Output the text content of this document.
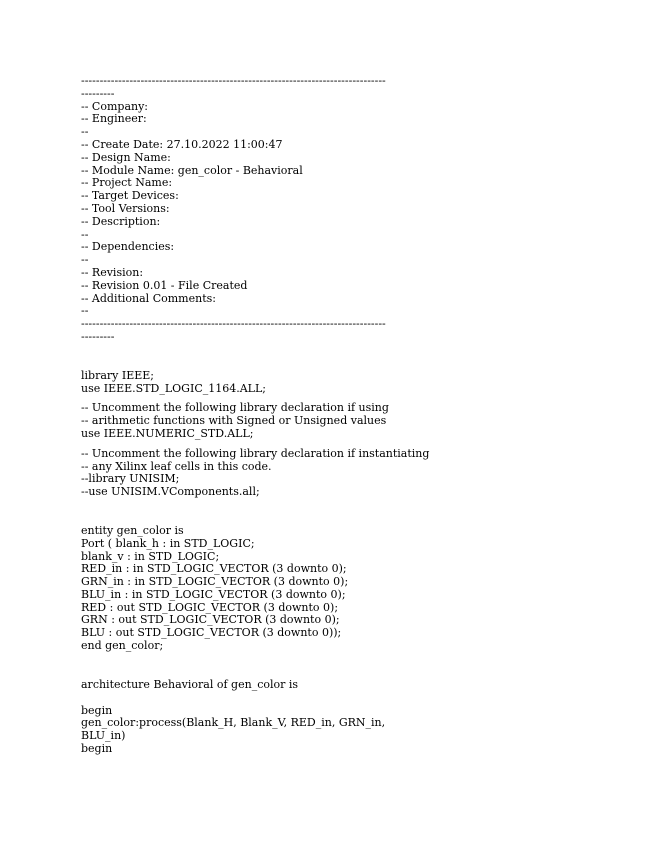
----------------------------------------------------------------------------------
---------
-- Company:
-- Engineer:
--
-- Create Date: 27.10.2022 11:00:47
-- Design Name:
-- Module Name: gen_color - Behavioral
-- Project Name:
-- Target Devices:
-- Tool Versions:
-- Description:
--
-- Dependencies:
--
-- Revision:
-- Revision 0.01 - File Created
-- Additional Comments:
--
----------------------------------------------------------------------------------
---------
library IEEE;
use IEEE.STD_LOGIC_1164.ALL;
-- Uncomment the following library declaration if using
-- arithmetic functions with Signed or Unsigned values
use IEEE.NUMERIC_STD.ALL;
-- Uncomment the following library declaration if instantiating
-- any Xilinx leaf cells in this code.
--library UNISIM;
--use UNISIM.VComponents.all;
entity gen_color is
Port ( blank_h : in STD_LOGIC;
blank_v : in STD_LOGIC;
RED_in : in STD_LOGIC_VECTOR (3 downto 0);
GRN_in : in STD_LOGIC_VECTOR (3 downto 0);
BLU_in : in STD_LOGIC_VECTOR (3 downto 0);
RED : out STD_LOGIC_VECTOR (3 downto 0);
GRN : out STD_LOGIC_VECTOR (3 downto 0);
BLU : out STD_LOGIC_VECTOR (3 downto 0));
end gen_color;
architecture Behavioral of gen_color is
begin
gen_color:process(Blank_H, Blank_V, RED_in, GRN_in,
BLU_in)
begin
